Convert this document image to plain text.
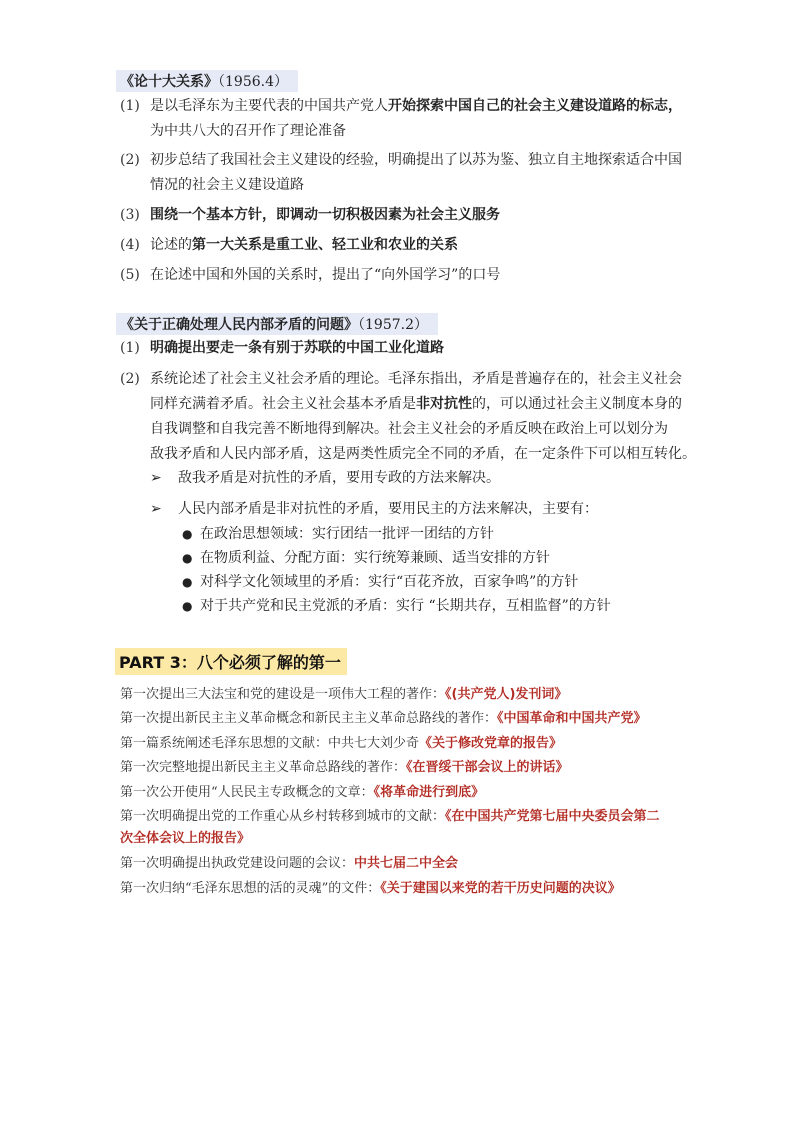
《论十大关系》（1956.4）
(1) 是以毛泽东为主要代表的中国共产党人开始探索中国自己的社会主义建设道路的标志，
为中共八大的召开作了理论准备
(2) 初步总结了我国社会主义建设的经验，明确提出了以苏为鉴、独立自主地探索适合中国
情况的社会主义建设道路
(3) 围绕一个基本方针，即调动一切积极因素为社会主义服务
(4) 论述的第一大关系是重工业、轻工业和农业的关系
(5) 在论述中国和外国的关系时，提出了“向外国学习”的口号
《关于正确处理人民内部矛盾的问题》（1957.2）
(1) 明确提出要走一条有别于苏联的中国工业化道路
(2) 系统论述了社会主义社会矛盾的理论。毛泽东指出，矛盾是普遍存在的，社会主义社会
同样充满着矛盾。社会主义社会基本矛盾是非对抗性的，可以通过社会主义制度本身的
自我调整和自我完善不断地得到解决。社会主义社会的矛盾反映在政治上可以划分为
敌我矛盾和人民内部矛盾，这是两类性质完全不同的矛盾，在一定条件下可以相互转化。
➢ 敌我矛盾是对抗性的矛盾，要用专政的方法来解决。
➢ 人民内部矛盾是非对抗性的矛盾，要用民主的方法来解决，主要有：
● 在政治思想领域：实行团结一批评一团结的方针
● 在物质利益、分配方面：实行统筹兼顾、适当安排的方针
● 对科学文化领域里的矛盾：实行“百花齐放，百家争鸣”的方针
● 对于共产党和民主党派的矛盾：实行 “长期共存，互相监督”的方针
PART 3：八个必须了解的第一
第一次提出三大法宝和党的建设是一项伟大工程的著作：《(共产党人)发刊词》
第一次提出新民主主义革命概念和新民主主义革命总路线的著作：《中国革命和中国共产党》
第一篇系统阐述毛泽东思想的文献：中共七大刘少奇《关于修改党章的报告》
第一次完整地提出新民主主义革命总路线的著作：《在晋绥干部会议上的讲话》
第一次公开使用“人民民主专政概念的文章：《将革命进行到底》
第一次明确提出党的工作重心从乡村转移到城市的文献：《在中国共产党第七届中央委员会第二
次全体会议上的报告》
第一次明确提出执政党建设问题的会议：中共七届二中全会
第一次归纳“毛泽东思想的活的灵魂”的文件：《关于建国以来党的若干历史问题的决议》
